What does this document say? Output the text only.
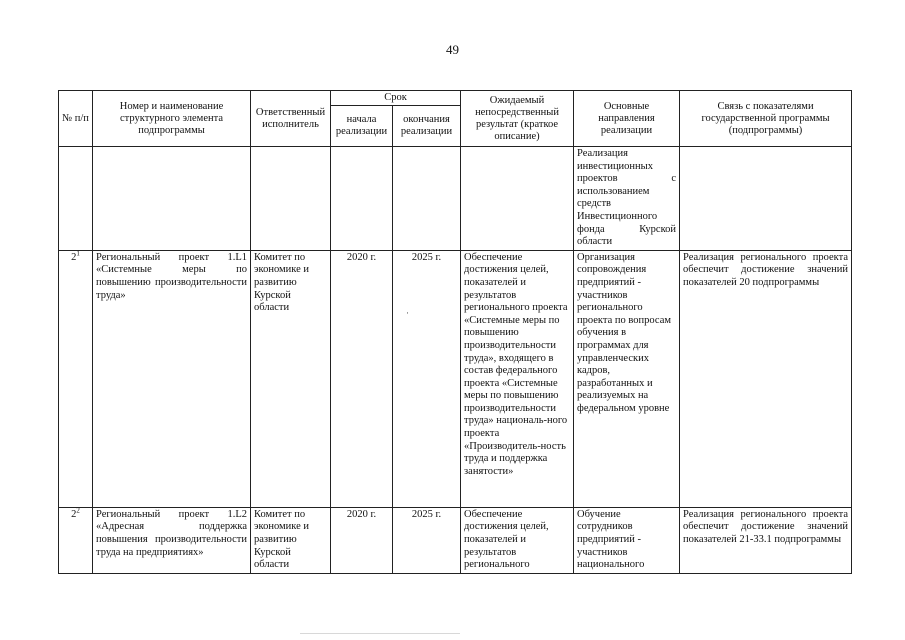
49
№ п/п	Номер и наименование структурного элемента подпрограммы	Ответственный исполнитель	Срок		Ожидаемый непосредственный результат (краткое описание)	Основные направления реализации	Связь с показателями государственной программы (подпрограммы)
			начала реализации	окончания реализации			
						Реализация инвестиционных проектов с использованием средств Инвестиционного фонда Курской области	
$2^1$	Региональный проект 1.L1 «Системные меры по повышению производительности труда»	Комитет по экономике и развитию Курской области	2020 г.	2025 г.	Обеспечение достижения целей, показателей и результатов регионального проекта «Системные меры по повышению производительности труда», входящего в состав федерального проекта «Системные меры по повышению производительности труда» националь-ного проекта «Производитель-ность труда и поддержка занятости»	Организация сопровождения предприятий - участников регионального проекта по вопросам обучения в программах для управленческих кадров, разработанных и реализуемых на федеральном уровне	Реализация регионального проекта обеспечит достижение значений показателей 20 подпрограммы
$2^2$	Региональный проект 1.L2 «Адресная поддержка повышения производительности труда на предприятиях»	Комитет по экономике и развитию Курской области	2020 г.	2025 г.	Обеспечение достижения целей, показателей и результатов регионального	Обучение сотрудников предприятий - участников национального	Реализация регионального проекта обеспечит достижение значений показателей 21-33.1 подпрограммы
·
